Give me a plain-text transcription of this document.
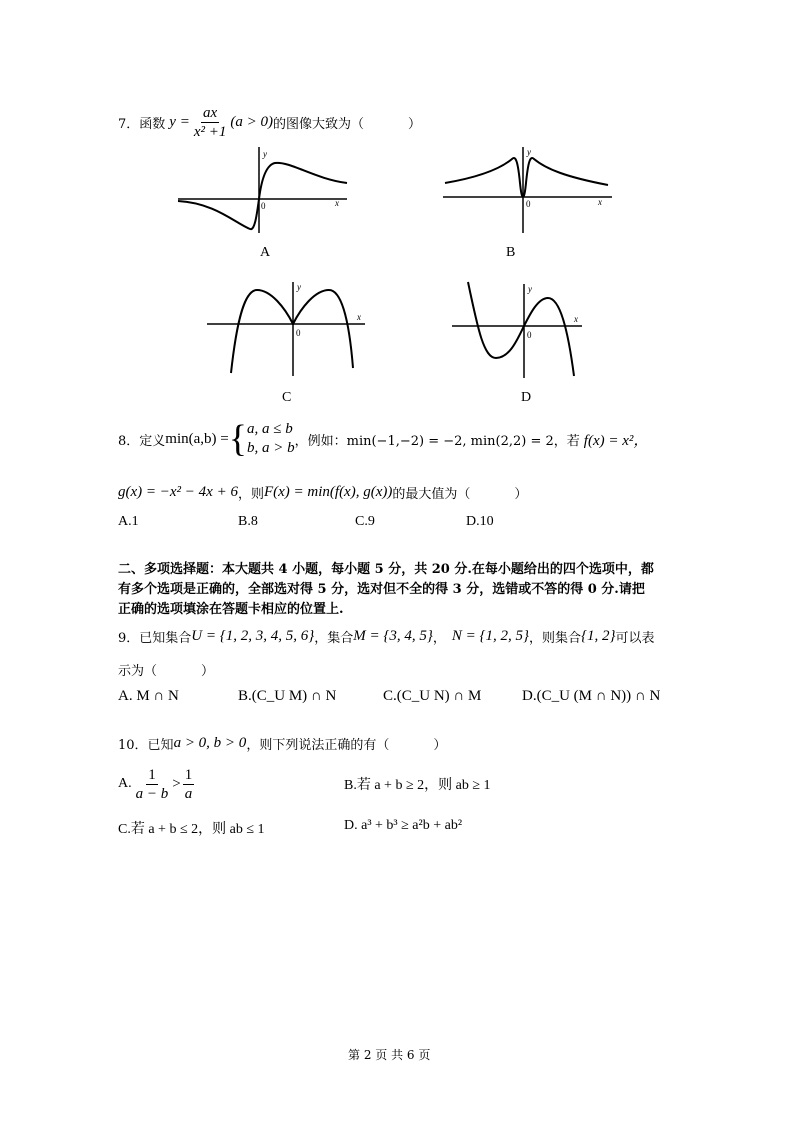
7． 函数 $y = \frac{ax}{\text{x² +1}} (a > 0)$ 的图像大致为（	）
y
0	x
A
y
0	x
B
y
0
x
C
y
0
x
D
8． 定义 min(a,b) = { a, a ≤ b
b, a > b ，例如：min(−1,−2) = −2, min(2,2) = 2，若 f(x) = x²，
g(x) = −x² − 4x + 6 ，则 F(x) = min(f(x), g(x)) 的最大值为（	）
A.1	B.8	C.9	D.10
二、多项选择题：本大题共 4 小题，每小题 5 分，共 20 分.在每小题给出的四个选项中，都
有多个选项是正确的，全部选对得 5 分，选对但不全的得 3 分，选错或不答的得 0 分.请把
正确的选项填涂在答题卡相应的位置上.
9． 已知集合 U = {1, 2, 3, 4, 5, 6} ，集合 M = {3, 4, 5} ， N = {1, 2, 5} ，则集合 {1, 2} 可以表
示为（	）
A. M ∩ N	B.(C_U M) ∩ N	C.(C_U N) ∩ M	D.(C_U (M ∩ N)) ∩ N
10． 已知 a > 0, b > 0 ，则下列说法正确的有（	）
A. $\frac{1}{a - b} > \frac{1}{a}$	B.若 a + b ≥ 2，则 ab ≥ 1
C.若 a + b ≤ 2，则 ab ≤ 1	D. a³ + b³ ≥ a²b + ab²
第 2 页 共 6 页
